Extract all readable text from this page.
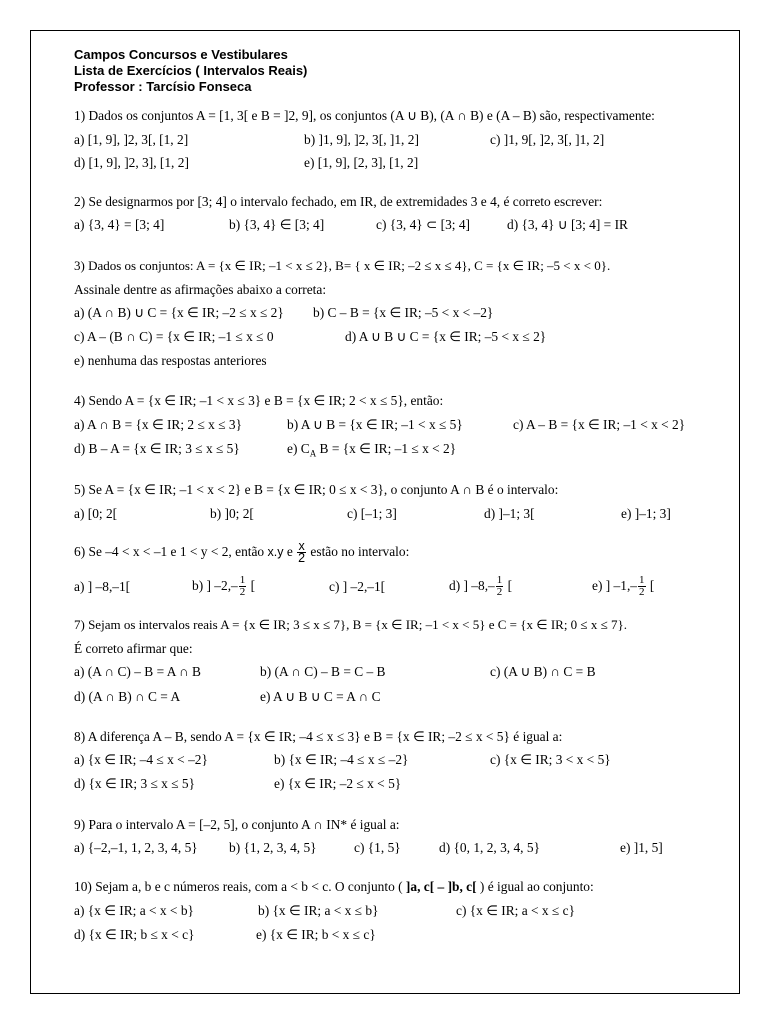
Campos Concursos e Vestibulares
Lista de Exercícios ( Intervalos Reais)
Professor : Tarcísio Fonseca
1) Dados os conjuntos A = [1, 3[ e B = ]2, 9], os conjuntos (A ∪ B), (A ∩ B) e (A – B) são, respectivamente:
a) [1, 9], ]2, 3[, [1, 2]	b) ]1, 9], ]2, 3[, ]1, 2]	c) ]1, 9[, ]2, 3[, ]1, 2]
d) [1, 9], ]2, 3], [1, 2]	e) [1, 9], [2, 3], [1, 2]
2) Se designarmos por [3; 4] o intervalo fechado, em IR, de extremidades 3 e 4, é correto escrever:
a) {3, 4} = [3; 4]	b) {3, 4} ∈ [3; 4]	c) {3, 4} ⊂ [3; 4]	d) {3, 4} ∪ [3; 4] = IR
3) Dados os conjuntos: A = {x ∈ IR; –1 < x ≤ 2}, B= { x ∈ IR; –2 ≤ x ≤ 4}, C = {x ∈ IR; –5 < x < 0}.
Assinale dentre as afirmações abaixo a correta:
a) (A ∩ B) ∪ C = {x ∈ IR; –2 ≤ x ≤ 2} b) C – B = {x ∈ IR; –5 < x < –2}
c) A – (B ∩ C) = {x ∈ IR; –1 ≤ x ≤ 0	d) A ∪ B ∪ C = {x ∈ IR; –5 < x ≤ 2}
e) nenhuma das respostas anteriores
4) Sendo A = {x ∈ IR; –1 < x ≤ 3} e B = {x ∈ IR; 2 < x ≤ 5}, então:
a) A ∩ B = {x ∈ IR; 2 ≤ x ≤ 3}	b) A ∪ B = {x ∈ IR; –1 < x ≤ 5}	c) A – B = {x ∈ IR; –1 < x < 2}
d) B – A = {x ∈ IR; 3 ≤ x ≤ 5}	e) $C_A$ B = {x ∈ IR; –1 ≤ x < 2}
5) Se A = {x ∈ IR; –1 < x < 2} e B = {x ∈ IR; 0 ≤ x < 3}, o conjunto A ∩ B é o intervalo:
a) [0; 2[	b) ]0; 2[	c) [–1; 3]	d) ]–1; 3[	e) ]–1; 3]
6) Se –4 < x < –1 e 1 < y < 2, então x.y e $\frac{x}{2}$ estão no intervalo:
a) ] –8,–1[	b) ] $-2,- \frac{1}{2}$ [	c) ] –2,–1[	d) ] $-8,- \frac{1}{2}$ [	e) ] $-1,- \frac{1}{2}$ [
7) Sejam os intervalos reais A = {x ∈ IR; 3 ≤ x ≤ 7}, B = {x ∈ IR; –1 < x < 5} e C = {x ∈ IR; 0 ≤ x ≤ 7}.
É correto afirmar que:
a) (A ∩ C) – B = A ∩ B	b) (A ∩ C) – B = C – B	c) (A ∪ B) ∩ C = B
d) (A ∩ B) ∩ C = A	e) A ∪ B ∪ C = A ∩ C
8) A diferença A – B, sendo A = {x ∈ IR; –4 ≤ x ≤ 3} e B = {x ∈ IR; –2 ≤ x < 5} é igual a:
a) {x ∈ IR; –4 ≤ x < –2}	b) {x ∈ IR; –4 ≤ x ≤ –2}	c) {x ∈ IR; 3 < x < 5}
d) {x ∈ IR; 3 ≤ x ≤ 5}	e) {x ∈ IR; –2 ≤ x < 5}
9) Para o intervalo A = [–2, 5], o conjunto A ∩ IN* é igual a:
a) {–2,–1, 1, 2, 3, 4, 5} b) {1, 2, 3, 4, 5}	c) {1, 5}	d) {0, 1, 2, 3, 4, 5}	e) ]1, 5]
10) Sejam a, b e c números reais, com a < b < c. O conjunto ( ]a, c[ – ]b, c[ ) é igual ao conjunto:
a) {x ∈ IR; a < x < b}	b) {x ∈ IR; a < x ≤ b}	c) {x ∈ IR; a < x ≤ c}
d) {x ∈ IR; b ≤ x < c}	e) {x ∈ IR; b < x ≤ c}
